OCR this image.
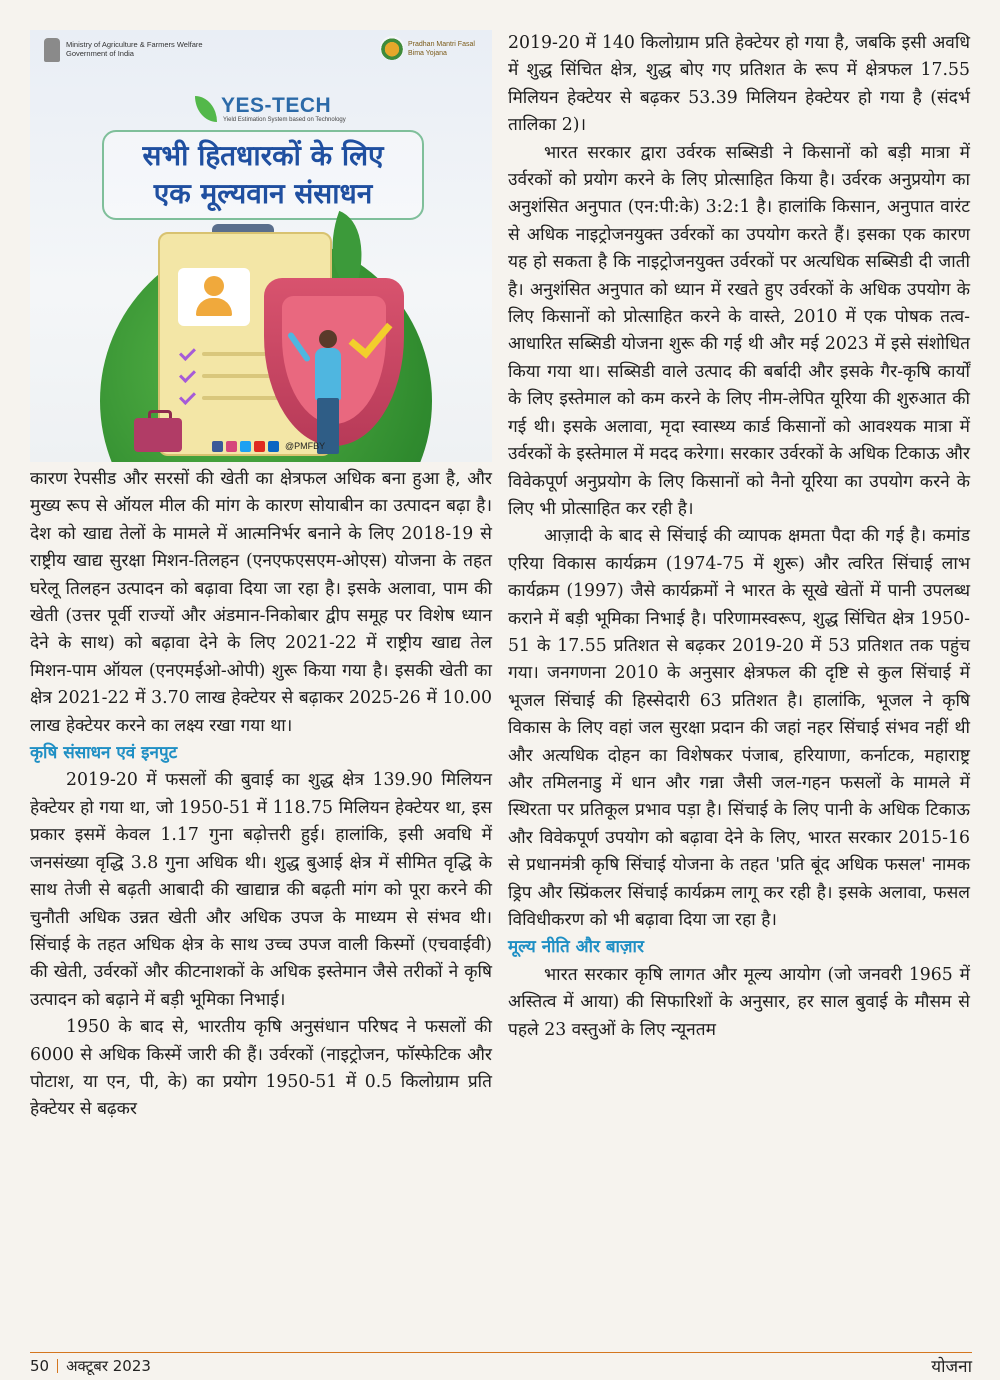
Ministry of Agriculture & Farmers Welfare Government of India
Pradhan Mantri Fasal Bima Yojana
YES-TECH
Yield Estimation System based on Technology
सभी हितधारकों के लिए
एक मूल्यवान संसाधन
@PMFBY

कारण रेपसीड और सरसों की खेती का क्षेत्रफल अधिक बना हुआ है, और मुख्य रूप से ऑयल मील की मांग के कारण सोयाबीन का उत्पादन बढ़ा है। देश को खाद्य तेलों के मामले में आत्मनिर्भर बनाने के लिए 2018-19 से राष्ट्रीय खाद्य सुरक्षा मिशन-तिलहन (एनएफएसएम-ओएस) योजना के तहत घरेलू तिलहन उत्पादन को बढ़ावा दिया जा रहा है। इसके अलावा, पाम की खेती (उत्तर पूर्वी राज्यों और अंडमान-निकोबार द्वीप समूह पर विशेष ध्यान देने के साथ) को बढ़ावा देने के लिए 2021-22 में राष्ट्रीय खाद्य तेल मिशन-पाम ऑयल (एनएमईओ-ओपी) शुरू किया गया है। इसकी खेती का क्षेत्र 2021-22 में 3.70 लाख हेक्टेयर से बढ़ाकर 2025-26 में 10.00 लाख हेक्टेयर करने का लक्ष्य रखा गया था।

कृषि संसाधन एवं इनपुट

2019-20 में फसलों की बुवाई का शुद्ध क्षेत्र 139.90 मिलियन हेक्टेयर हो गया था, जो 1950-51 में 118.75 मिलियन हेक्टेयर था, इस प्रकार इसमें केवल 1.17 गुना बढ़ोत्तरी हुई। हालांकि, इसी अवधि में जनसंख्या वृद्धि 3.8 गुना अधिक थी। शुद्ध बुआई क्षेत्र में सीमित वृद्धि के साथ तेजी से बढ़ती आबादी की खाद्यान्न की बढ़ती मांग को पूरा करने की चुनौती अधिक उन्नत खेती और अधिक उपज के माध्यम से संभव थी। सिंचाई के तहत अधिक क्षेत्र के साथ उच्च उपज वाली किस्मों (एचवाईवी) की खेती, उर्वरकों और कीटनाशकों के अधिक इस्तेमान जैसे तरीकों ने कृषि उत्पादन को बढ़ाने में बड़ी भूमिका निभाई।

1950 के बाद से, भारतीय कृषि अनुसंधान परिषद ने फसलों की 6000 से अधिक किस्में जारी की हैं। उर्वरकों (नाइट्रोजन, फॉस्फेटिक और पोटाश, या एन, पी, के) का प्रयोग 1950-51 में 0.5 किलोग्राम प्रति हेक्टेयर से बढ़कर

2019-20 में 140 किलोग्राम प्रति हेक्टेयर हो गया है, जबकि इसी अवधि में शुद्ध सिंचित क्षेत्र, शुद्ध बोए गए प्रतिशत के रूप में क्षेत्रफल 17.55 मिलियन हेक्टेयर से बढ़कर 53.39 मिलियन हेक्टेयर हो गया है (संदर्भ तालिका 2)।

भारत सरकार द्वारा उर्वरक सब्सिडी ने किसानों को बड़ी मात्रा में उर्वरकों को प्रयोग करने के लिए प्रोत्साहित किया है। उर्वरक अनुप्रयोग का अनुशंसित अनुपात (एन:पी:के) 3:2:1 है। हालांकि किसान, अनुपात वारंट से अधिक नाइट्रोजनयुक्त उर्वरकों का उपयोग करते हैं। इसका एक कारण यह हो सकता है कि नाइट्रोजनयुक्त उर्वरकों पर अत्यधिक सब्सिडी दी जाती है। अनुशंसित अनुपात को ध्यान में रखते हुए उर्वरकों के अधिक उपयोग के लिए किसानों को प्रोत्साहित करने के वास्ते, 2010 में एक पोषक तत्व-आधारित सब्सिडी योजना शुरू की गई थी और मई 2023 में इसे संशोधित किया गया था। सब्सिडी वाले उत्पाद की बर्बादी और इसके गैर-कृषि कार्यों के लिए इस्तेमाल को कम करने के लिए नीम-लेपित यूरिया की शुरुआत की गई थी। इसके अलावा, मृदा स्वास्थ्य कार्ड किसानों को आवश्यक मात्रा में उर्वरकों के इस्तेमाल में मदद करेगा। सरकार उर्वरकों के अधिक टिकाऊ और विवेकपूर्ण अनुप्रयोग के लिए किसानों को नैनो यूरिया का उपयोग करने के लिए भी प्रोत्साहित कर रही है।

आज़ादी के बाद से सिंचाई की व्यापक क्षमता पैदा की गई है। कमांड एरिया विकास कार्यक्रम (1974-75 में शुरू) और त्वरित सिंचाई लाभ कार्यक्रम (1997) जैसे कार्यक्रमों ने भारत के सूखे खेतों में पानी उपलब्ध कराने में बड़ी भूमिका निभाई है। परिणामस्वरूप, शुद्ध सिंचित क्षेत्र 1950-51 के 17.55 प्रतिशत से बढ़कर 2019-20 में 53 प्रतिशत तक पहुंच गया। जनगणना 2010 के अनुसार क्षेत्रफल की दृष्टि से कुल सिंचाई में भूजल सिंचाई की हिस्सेदारी 63 प्रतिशत है। हालांकि, भूजल ने कृषि विकास के लिए वहां जल सुरक्षा प्रदान की जहां नहर सिंचाई संभव नहीं थी और अत्यधिक दोहन का विशेषकर पंजाब, हरियाणा, कर्नाटक, महाराष्ट्र और तमिलनाडु में धान और गन्ना जैसी जल-गहन फसलों के मामले में स्थिरता पर प्रतिकूल प्रभाव पड़ा है। सिंचाई के लिए पानी के अधिक टिकाऊ और विवेकपूर्ण उपयोग को बढ़ावा देने के लिए, भारत सरकार 2015-16 से प्रधानमंत्री कृषि सिंचाई योजना के तहत 'प्रति बूंद अधिक फसल' नामक ड्रिप और स्प्रिंकलर सिंचाई कार्यक्रम लागू कर रही है। इसके अलावा, फसल विविधीकरण को भी बढ़ावा दिया जा रहा है।

मूल्य नीति और बाज़ार

भारत सरकार कृषि लागत और मूल्य आयोग (जो जनवरी 1965 में अस्तित्व में आया) की सिफारिशों के अनुसार, हर साल बुवाई के मौसम से पहले 23 वस्तुओं के लिए न्यूनतम

50 अक्टूबर 2023	योजना
